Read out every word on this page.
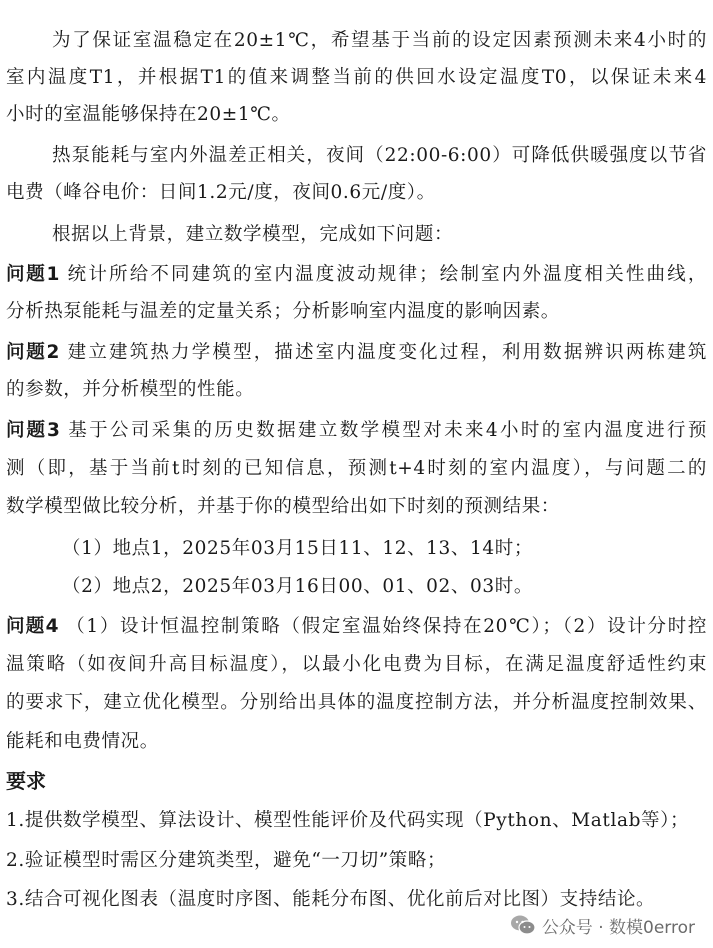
为了保证室温稳定在20±1℃，希望基于当前的设定因素预测未来4小时的
室内温度T1，并根据T1的值来调整当前的供回水设定温度T0，以保证未来4
小时的室温能够保持在20±1℃。
热泵能耗与室内外温差正相关，夜间（22:00-6:00）可降低供暖强度以节省
电费（峰谷电价：日间1.2元/度，夜间0.6元/度）。
根据以上背景，建立数学模型，完成如下问题：
问题1 统计所给不同建筑的室内温度波动规律；绘制室内外温度相关性曲线，
分析热泵能耗与温差的定量关系；分析影响室内温度的影响因素。
问题2 建立建筑热力学模型，描述室内温度变化过程，利用数据辨识两栋建筑
的参数，并分析模型的性能。
问题3 基于公司采集的历史数据建立数学模型对未来4小时的室内温度进行预
测（即，基于当前t时刻的已知信息，预测t+4时刻的室内温度），与问题二的
数学模型做比较分析，并基于你的模型给出如下时刻的预测结果：
（1）地点1，2025年03月15日11、12、13、14时；
（2）地点2，2025年03月16日00、01、02、03时。
问题4 （1）设计恒温控制策略（假定室温始终保持在20℃）；（2）设计分时控
温策略（如夜间升高目标温度），以最小化电费为目标，在满足温度舒适性约束
的要求下，建立优化模型。分别给出具体的温度控制方法，并分析温度控制效果、
能耗和电费情况。
要求
1.提供数学模型、算法设计、模型性能评价及代码实现（Python、Matlab等）；
2.验证模型时需区分建筑类型，避免“一刀切”策略；
3.结合可视化图表（温度时序图、能耗分布图、优化前后对比图）支持结论。
公众号 · 数模0error
